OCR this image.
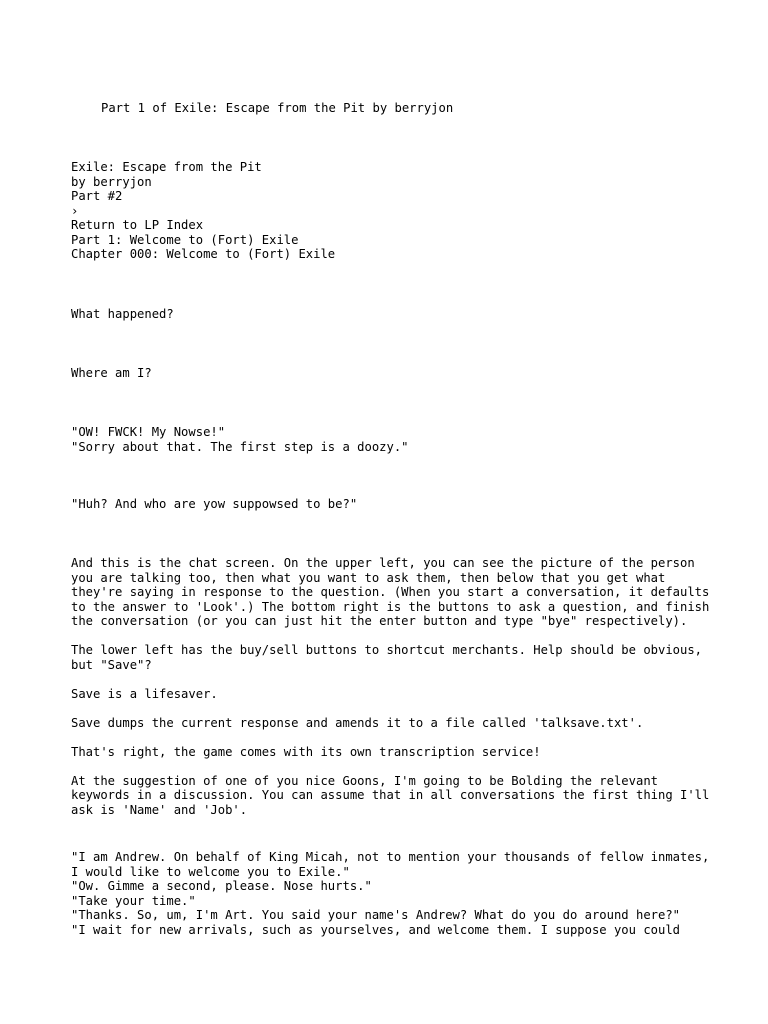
Part 1 of Exile: Escape from the Pit by berryjon
Exile: Escape from the Pit
by berryjon
Part #2
›
Return to LP Index
Part 1: Welcome to (Fort) Exile
Chapter 000: Welcome to (Fort) Exile
What happened?
Where am I?
"OW! FWCK! My Nowse!"
"Sorry about that. The first step is a doozy."
"Huh? And who are yow suppowsed to be?"

And this is the chat screen. On the upper left, you can see the picture of the person you are talking too, then what you want to ask them, then below that you get what they're saying in response to the question. (When you start a conversation, it defaults to the answer to 'Look'.) The bottom right is the buttons to ask a question, and finish the conversation (or you can just hit the enter button and type "bye" respectively).

The lower left has the buy/sell buttons to shortcut merchants. Help should be obvious, but "Save"?

Save is a lifesaver.

Save dumps the current response and amends it to a file called 'talksave.txt'.

That's right, the game comes with its own transcription service!

At the suggestion of one of you nice Goons, I'm going to be Bolding the relevant keywords in a discussion. You can assume that in all conversations the first thing I'll ask is 'Name' and 'Job'.

"I am Andrew. On behalf of King Micah, not to mention your thousands of fellow inmates, I would like to welcome you to Exile."

"Ow. Gimme a second, please. Nose hurts."

"Take your time."

"Thanks. So, um, I'm Art. You said your name's Andrew? What do you do around here?"

"I wait for new arrivals, such as yourselves, and welcome them. I suppose you could
